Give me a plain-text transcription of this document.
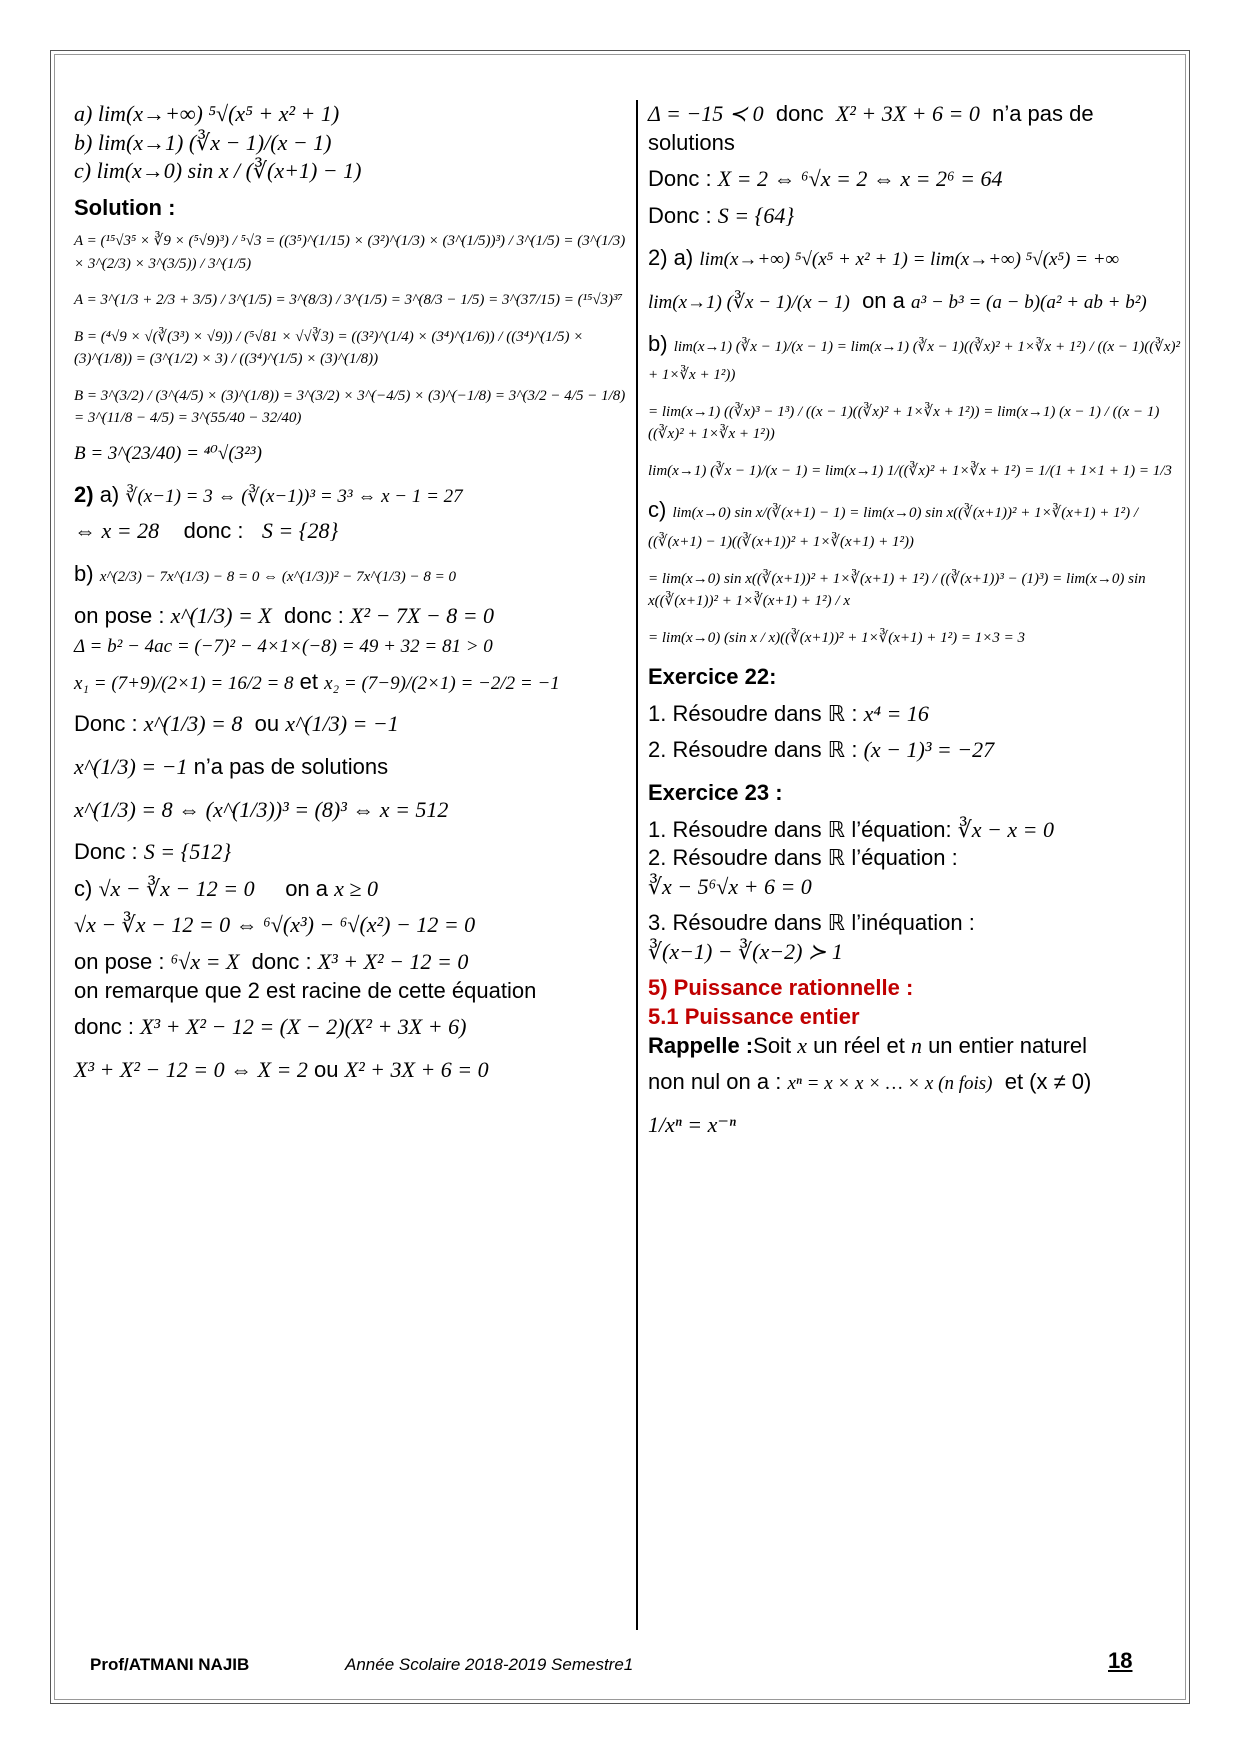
a) lim(x→+∞) ⁵√(x⁵ + x² + 1)

b) lim(x→1) (∛x − 1)/(x − 1)

c) lim(x→0) sin x / (∛(x+1) − 1)

Solution :

A = (¹⁵√3⁵ × ∛9 × (⁵√9)³) / ⁵√3 = ((3⁵)^(1/15) × (3²)^(1/3) × (3^(1/5))³) / 3^(1/5) = (3^(1/3) × 3^(2/3) × 3^(3/5)) / 3^(1/5)
A = 3^(1/3 + 2/3 + 3/5) / 3^(1/5) = 3^(8/3) / 3^(1/5) = 3^(8/3 − 1/5) = 3^(37/15) = (¹⁵√3)³⁷
B = (⁴√9 × √(∛(3³) × √9)) / (⁵√81 × √√∛3) = ((3²)^(1/4) × (3⁴)^(1/6)) / ((3⁴)^(1/5) × (3)^(1/8)) = (3^(1/2) × 3) / ((3⁴)^(1/5) × (3)^(1/8))
B = 3^(3/2) / (3^(4/5) × (3)^(1/8)) = 3^(3/2) × 3^(−4/5) × (3)^(−1/8) = 3^(3/2 − 4/5 − 1/8) = 3^(11/8 − 4/5) = 3^(55/40 − 32/40)

B = 3^(23/40) = ⁴⁰√(3²³)

2) a) ∛(x−1) = 3 ⇔ (∛(x−1))³ = 3³ ⇔ x − 1 = 27

⇔ x = 28 donc : S = {28}

b) x^(2/3) − 7x^(1/3) − 8 = 0 ⇔ (x^(1/3))² − 7x^(1/3) − 8 = 0

on pose : x^(1/3) = X donc : X² − 7X − 8 = 0

Δ = b² − 4ac = (−7)² − 4×1×(−8) = 49 + 32 = 81 > 0

x₁ = (7+9)/(2×1) = 16/2 = 8 et x₂ = (7−9)/(2×1) = −2/2 = −1

Donc : x^(1/3) = 8 ou x^(1/3) = −1

x^(1/3) = −1 n’a pas de solutions

x^(1/3) = 8 ⇔ (x^(1/3))³ = (8)³ ⇔ x = 512

Donc : S = {512}

c) √x − ∛x − 12 = 0 on a x ≥ 0

√x − ∛x − 12 = 0 ⇔ ⁶√(x³) − ⁶√(x²) − 12 = 0

on pose : ⁶√x = X donc : X³ + X² − 12 = 0

on remarque que 2 est racine de cette équation

donc : X³ + X² − 12 = (X − 2)(X² + 3X + 6)

X³ + X² − 12 = 0 ⇔ X = 2 ou X² + 3X + 6 = 0

Δ = −15 ≺ 0 donc X² + 3X + 6 = 0 n’a pas de

solutions

Donc : X = 2 ⇔ ⁶√x = 2 ⇔ x = 2⁶ = 64

Donc : S = {64}

2) a) lim(x→+∞) ⁵√(x⁵ + x² + 1) = lim(x→+∞) ⁵√(x⁵) = +∞

lim(x→1) (∛x − 1)/(x − 1) on a a³ − b³ = (a − b)(a² + ab + b²)

b) lim(x→1) (∛x − 1)/(x − 1) = lim(x→1) (∛x − 1)((∛x)² + 1×∛x + 1²) / ((x − 1)((∛x)² + 1×∛x + 1²))
= lim(x→1) ((∛x)³ − 1³) / ((x − 1)((∛x)² + 1×∛x + 1²)) = lim(x→1) (x − 1) / ((x − 1)((∛x)² + 1×∛x + 1²))
lim(x→1) (∛x − 1)/(x − 1) = lim(x→1) 1/((∛x)² + 1×∛x + 1²) = 1/(1 + 1×1 + 1) = 1/3
c) lim(x→0) sin x/(∛(x+1) − 1) = lim(x→0) sin x((∛(x+1))² + 1×∛(x+1) + 1²) / ((∛(x+1) − 1)((∛(x+1))² + 1×∛(x+1) + 1²))
= lim(x→0) sin x((∛(x+1))² + 1×∛(x+1) + 1²) / ((∛(x+1))³ − (1)³) = lim(x→0) sin x((∛(x+1))² + 1×∛(x+1) + 1²) / x
= lim(x→0) (sin x / x)((∛(x+1))² + 1×∛(x+1) + 1²) = 1×3 = 3

Exercice 22:

1. Résoudre dans ℝ : x⁴ = 16

2. Résoudre dans ℝ : (x − 1)³ = −27

Exercice 23 :

1. Résoudre dans ℝ l’équation: ∛x − x = 0

2. Résoudre dans ℝ l’équation :

∛x − 5⁶√x + 6 = 0

3. Résoudre dans ℝ l’inéquation :

∛(x−1) − ∛(x−2) ≻ 1

5) Puissance rationnelle :

5.1 Puissance entier

Rappelle :Soit x un réel et n un entier naturel

non nul on a : xⁿ = x × x × … × x (n fois) et (x ≠ 0)

1/xⁿ = x⁻ⁿ

Prof/ATMANI NAJIB	Année Scolaire 2018-2019 Semestre1	18
